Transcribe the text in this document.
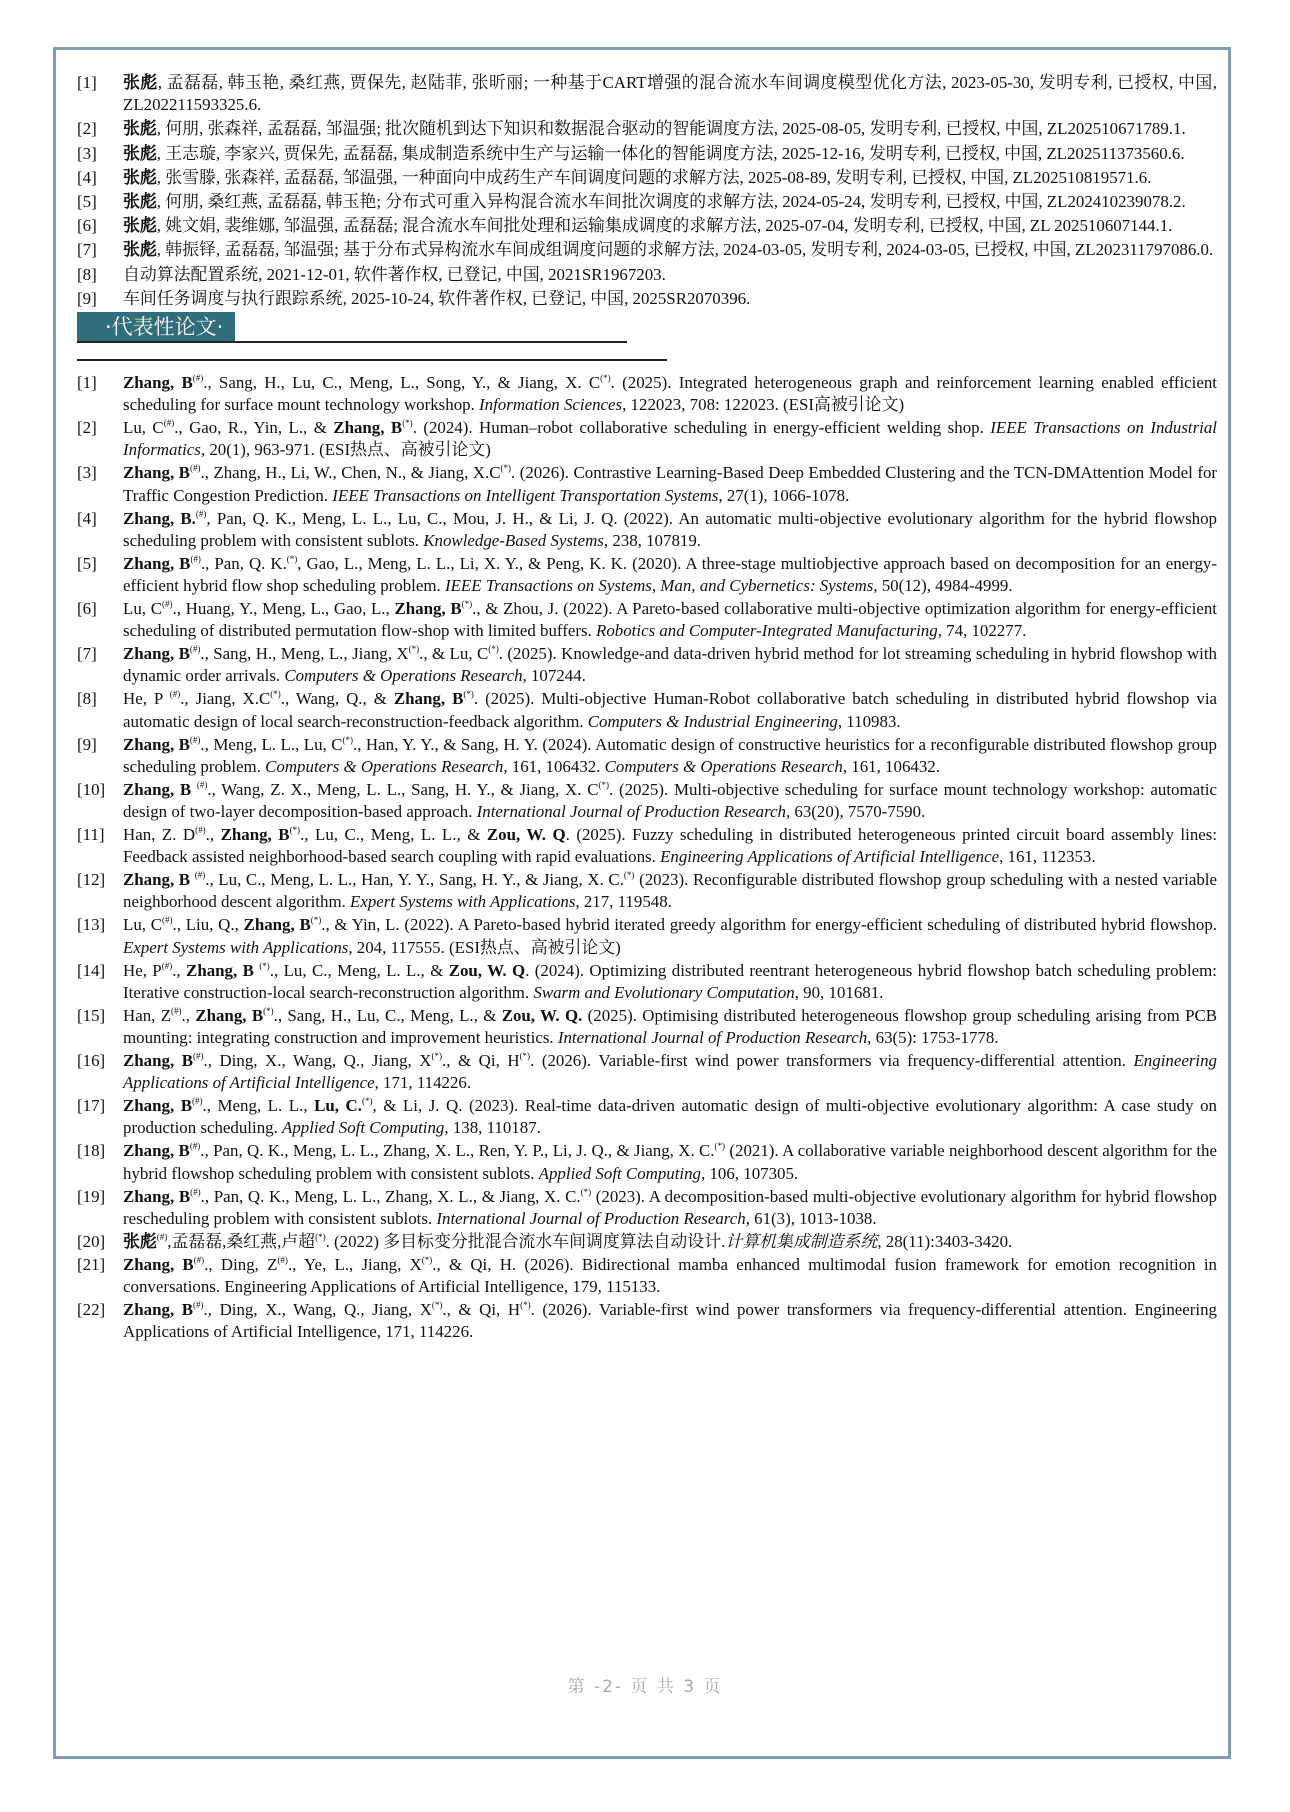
[1]	张彪, 孟磊磊, 韩玉艳, 桑红燕, 贾保先, 赵陆菲, 张昕丽; 一种基于CART增强的混合流水车间调度模型优化方法, 2023-05-30, 发明专利, 已授权, 中国, ZL202211593325.6.
[2]	张彪, 何朋, 张森祥, 孟磊磊, 邹温强; 批次随机到达下知识和数据混合驱动的智能调度方法, 2025-08-05, 发明专利, 已授权, 中国, ZL202510671789.1.
[3]	张彪, 王志璇, 李家兴, 贾保先, 孟磊磊, 集成制造系统中生产与运输一体化的智能调度方法, 2025-12-16, 发明专利, 已授权, 中国, ZL202511373560.6.
[4]	张彪, 张雪滕, 张森祥, 孟磊磊, 邹温强, 一种面向中成药生产车间调度问题的求解方法, 2025-08-89, 发明专利, 已授权, 中国, ZL202510819571.6.
[5]	张彪, 何朋, 桑红燕, 孟磊磊, 韩玉艳; 分布式可重入异构混合流水车间批次调度的求解方法, 2024-05-24, 发明专利, 已授权, 中国, ZL202410239078.2.
[6]	张彪, 姚文娟, 裴维娜, 邹温强, 孟磊磊; 混合流水车间批处理和运输集成调度的求解方法, 2025-07-04, 发明专利, 已授权, 中国, ZL 202510607144.1.
[7]	张彪, 韩振铎, 孟磊磊, 邹温强; 基于分布式异构流水车间成组调度问题的求解方法, 2024-03-05, 发明专利, 2024-03-05, 已授权, 中国, ZL202311797086.0.
[8]	自动算法配置系统, 2021-12-01, 软件著作权, 已登记, 中国, 2021SR1967203.
[9]	车间任务调度与执行跟踪系统, 2025-10-24, 软件著作权, 已登记, 中国, 2025SR2070396.
·代表性论文·
[1]	Zhang, B(#)., Sang, H., Lu, C., Meng, L., Song, Y., & Jiang, X. C(*). (2025). Integrated heterogeneous graph and reinforcement learning enabled efficient scheduling for surface mount technology workshop. Information Sciences, 122023, 708: 122023. (ESI高被引论文)
[2]	Lu, C(#)., Gao, R., Yin, L., & Zhang, B(*). (2024). Human–robot collaborative scheduling in energy-efficient welding shop. IEEE Transactions on Industrial Informatics, 20(1), 963-971. (ESI热点、高被引论文)
[3]	Zhang, B(#)., Zhang, H., Li, W., Chen, N., & Jiang, X.C(*). (2026). Contrastive Learning-Based Deep Embedded Clustering and the TCN-DMAttention Model for Traffic Congestion Prediction. IEEE Transactions on Intelligent Transportation Systems, 27(1), 1066-1078.
[4]	Zhang, B.(#), Pan, Q. K., Meng, L. L., Lu, C., Mou, J. H., & Li, J. Q. (2022). An automatic multi-objective evolutionary algorithm for the hybrid flowshop scheduling problem with consistent sublots. Knowledge-Based Systems, 238, 107819.
[5]	Zhang, B(#)., Pan, Q. K.(*), Gao, L., Meng, L. L., Li, X. Y., & Peng, K. K. (2020). A three-stage multiobjective approach based on decomposition for an energy-efficient hybrid flow shop scheduling problem. IEEE Transactions on Systems, Man, and Cybernetics: Systems, 50(12), 4984-4999.
[6]	Lu, C(#)., Huang, Y., Meng, L., Gao, L., Zhang, B(*)., & Zhou, J. (2022). A Pareto-based collaborative multi-objective optimization algorithm for energy-efficient scheduling of distributed permutation flow-shop with limited buffers. Robotics and Computer-Integrated Manufacturing, 74, 102277.
[7]	Zhang, B(#)., Sang, H., Meng, L., Jiang, X(*)., & Lu, C(*). (2025). Knowledge-and data-driven hybrid method for lot streaming scheduling in hybrid flowshop with dynamic order arrivals. Computers & Operations Research, 107244.
[8]	He, P (#)., Jiang, X.C(*)., Wang, Q., & Zhang, B(*). (2025). Multi-objective Human-Robot collaborative batch scheduling in distributed hybrid flowshop via automatic design of local search-reconstruction-feedback algorithm. Computers & Industrial Engineering, 110983.
[9]	Zhang, B(#)., Meng, L. L., Lu, C(*)., Han, Y. Y., & Sang, H. Y. (2024). Automatic design of constructive heuristics for a reconfigurable distributed flowshop group scheduling problem. Computers & Operations Research, 161, 106432. Computers & Operations Research, 161, 106432.
[10]	Zhang, B (#)., Wang, Z. X., Meng, L. L., Sang, H. Y., & Jiang, X. C(*). (2025). Multi-objective scheduling for surface mount technology workshop: automatic design of two-layer decomposition-based approach. International Journal of Production Research, 63(20), 7570-7590.
[11]	Han, Z. D(#)., Zhang, B(*)., Lu, C., Meng, L. L., & Zou, W. Q. (2025). Fuzzy scheduling in distributed heterogeneous printed circuit board assembly lines: Feedback assisted neighborhood-based search coupling with rapid evaluations. Engineering Applications of Artificial Intelligence, 161, 112353.
[12]	Zhang, B (#)., Lu, C., Meng, L. L., Han, Y. Y., Sang, H. Y., & Jiang, X. C.(*) (2023). Reconfigurable distributed flowshop group scheduling with a nested variable neighborhood descent algorithm. Expert Systems with Applications, 217, 119548.
[13]	Lu, C(#)., Liu, Q., Zhang, B(*)., & Yin, L. (2022). A Pareto-based hybrid iterated greedy algorithm for energy-efficient scheduling of distributed hybrid flowshop. Expert Systems with Applications, 204, 117555. (ESI热点、高被引论文)
[14]	He, P(#)., Zhang, B (*)., Lu, C., Meng, L. L., & Zou, W. Q. (2024). Optimizing distributed reentrant heterogeneous hybrid flowshop batch scheduling problem: Iterative construction-local search-reconstruction algorithm. Swarm and Evolutionary Computation, 90, 101681.
[15]	Han, Z(#)., Zhang, B(*)., Sang, H., Lu, C., Meng, L., & Zou, W. Q. (2025). Optimising distributed heterogeneous flowshop group scheduling arising from PCB mounting: integrating construction and improvement heuristics. International Journal of Production Research, 63(5): 1753-1778.
[16]	Zhang, B(#)., Ding, X., Wang, Q., Jiang, X(*)., & Qi, H(*). (2026). Variable-first wind power transformers via frequency-differential attention. Engineering Applications of Artificial Intelligence, 171, 114226.
[17]	Zhang, B(#)., Meng, L. L., Lu, C.(*), & Li, J. Q. (2023). Real-time data-driven automatic design of multi-objective evolutionary algorithm: A case study on production scheduling. Applied Soft Computing, 138, 110187.
[18]	Zhang, B(#)., Pan, Q. K., Meng, L. L., Zhang, X. L., Ren, Y. P., Li, J. Q., & Jiang, X. C.(*) (2021). A collaborative variable neighborhood descent algorithm for the hybrid flowshop scheduling problem with consistent sublots. Applied Soft Computing, 106, 107305.
[19]	Zhang, B(#)., Pan, Q. K., Meng, L. L., Zhang, X. L., & Jiang, X. C.(*) (2023). A decomposition-based multi-objective evolutionary algorithm for hybrid flowshop rescheduling problem with consistent sublots. International Journal of Production Research, 61(3), 1013-1038.
[20]	张彪(#),孟磊磊,桑红燕,卢超(*). (2022) 多目标变分批混合流水车间调度算法自动设计.计算机集成制造系统, 28(11):3403-3420.
[21]	Zhang, B(#)., Ding, Z(#)., Ye, L., Jiang, X(*)., & Qi, H. (2026). Bidirectional mamba enhanced multimodal fusion framework for emotion recognition in conversations. Engineering Applications of Artificial Intelligence, 179, 115133.
[22]	Zhang, B(#)., Ding, X., Wang, Q., Jiang, X(*)., & Qi, H(*). (2026). Variable-first wind power transformers via frequency-differential attention. Engineering Applications of Artificial Intelligence, 171, 114226.
第 -2- 页 共 3 页
